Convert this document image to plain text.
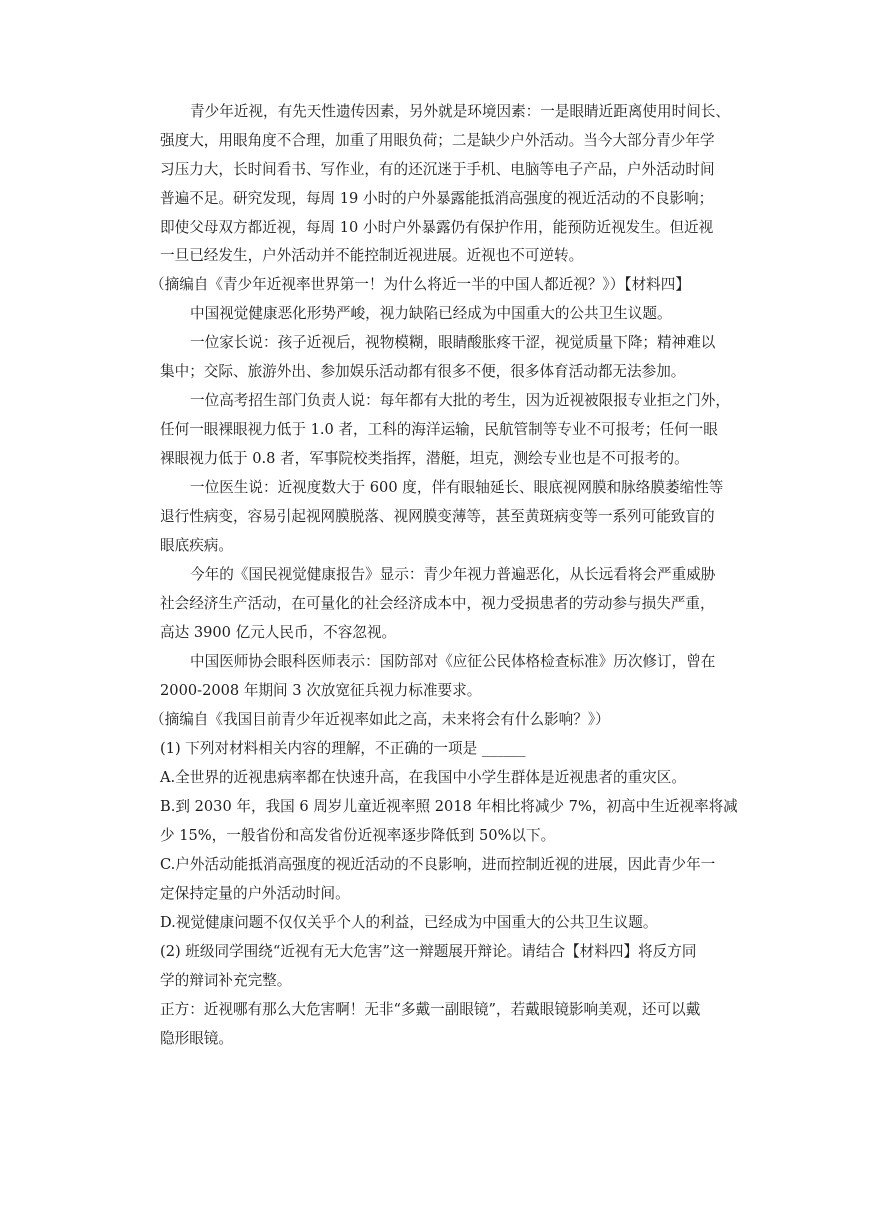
青少年近视，有先天性遗传因素，另外就是环境因素：一是眼睛近距离使用时间长、
强度大，用眼角度不合理，加重了用眼负荷；二是缺少户外活动。当今大部分青少年学
习压力大，长时间看书、写作业，有的还沉迷于手机、电脑等电子产品，户外活动时间
普遍不足。研究发现，每周 19 小时的户外暴露能抵消高强度的视近活动的不良影响；
即使父母双方都近视，每周 10 小时户外暴露仍有保护作用，能预防近视发生。但近视
一旦已经发生，户外活动并不能控制近视进展。近视也不可逆转。
（摘编自《青少年近视率世界第一！为什么将近一半的中国人都近视？》）【材料四】
中国视觉健康恶化形势严峻，视力缺陷已经成为中国重大的公共卫生议题。
一位家长说：孩子近视后，视物模糊，眼睛酸胀疼干涩，视觉质量下降；精神难以
集中；交际、旅游外出、参加娱乐活动都有很多不便，很多体育活动都无法参加。
一位高考招生部门负责人说：每年都有大批的考生，因为近视被限报专业拒之门外，
任何一眼裸眼视力低于 1.0 者，工科的海洋运输，民航管制等专业不可报考；任何一眼
裸眼视力低于 0.8 者，军事院校类指挥，潜艇，坦克，测绘专业也是不可报考的。
一位医生说：近视度数大于 600 度，伴有眼轴延长、眼底视网膜和脉络膜萎缩性等
退行性病变，容易引起视网膜脱落、视网膜变薄等，甚至黄斑病变等一系列可能致盲的
眼底疾病。
今年的《国民视觉健康报告》显示：青少年视力普遍恶化，从长远看将会严重威胁
社会经济生产活动，在可量化的社会经济成本中，视力受损患者的劳动参与损失严重，
高达 3900 亿元人民币，不容忽视。
中国医师协会眼科医师表示：国防部对《应征公民体格检查标准》历次修订，曾在
2000-2008 年期间 3 次放宽征兵视力标准要求。
（摘编自《我国目前青少年近视率如此之高，未来将会有什么影响？》）
(1) 下列对材料相关内容的理解，不正确的一项是 ______
A.全世界的近视患病率都在快速升高，在我国中小学生群体是近视患者的重灾区。
B.到 2030 年，我国 6 周岁儿童近视率照 2018 年相比将减少 7%，初高中生近视率将减
少 15%，一般省份和高发省份近视率逐步降低到 50%以下。
C.户外活动能抵消高强度的视近活动的不良影响，进而控制近视的进展，因此青少年一
定保持定量的户外活动时间。
D.视觉健康问题不仅仅关乎个人的利益，已经成为中国重大的公共卫生议题。
(2) 班级同学围绕“近视有无大危害”这一辩题展开辩论。请结合【材料四】将反方同
学的辩词补充完整。
正方：近视哪有那么大危害啊！无非“多戴一副眼镜”，若戴眼镜影响美观，还可以戴
隐形眼镜。
